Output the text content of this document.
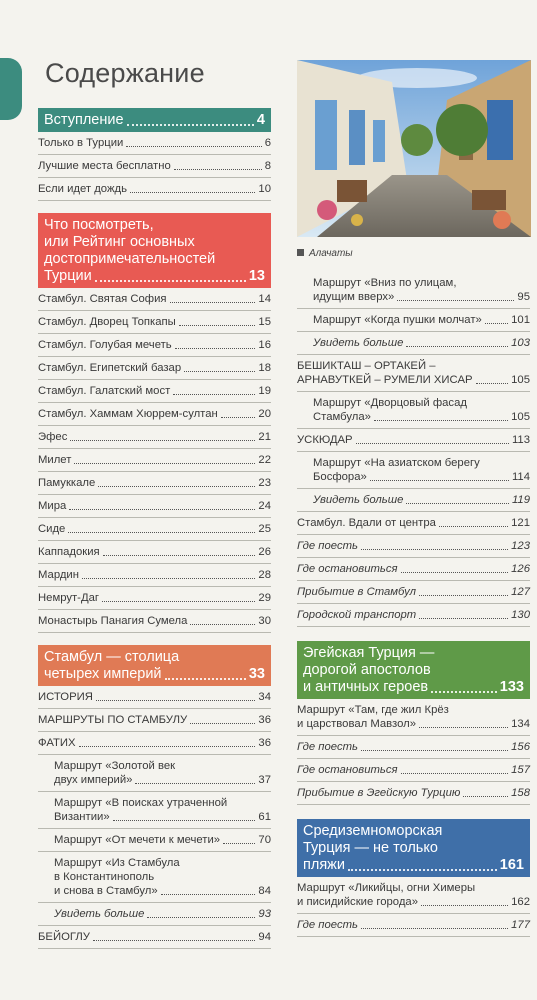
Содержание
Вступление	4
Только в Турции	6
Лучшие места бесплатно	8
Если идет дождь	10
Что посмотреть,
или Рейтинг основных
достопримечательностей
Турции	13
Стамбул. Святая София	14
Стамбул. Дворец Топкапы	15
Стамбул. Голубая мечеть	16
Стамбул. Египетский базар	18
Стамбул. Галатский мост	19
Стамбул. Хаммам Хюррем-султан	20
Эфес	21
Милет	22
Памуккале	23
Мира	24
Сиде	25
Каппадокия	26
Мардин	28
Немрут-Даг	29
Монастырь Панагия Сумела	30
Стамбул — столица
четырех империй	33
ИСТОРИЯ	34
МАРШРУТЫ ПО СТАМБУЛУ	36
ФАТИХ	36
Маршрут «Золотой век
двух империй»	37
Маршрут «В поисках утраченной
Византии»	61
Маршрут «От мечети к мечети»	70
Маршрут «Из Стамбула
в Константинополь
и снова в Стамбул»	84
Увидеть больше	93
БЕЙОГЛУ	94
Алачаты
Маршрут «Вниз по улицам,
идущим вверх»	95
Маршрут «Когда пушки молчат»	101
Увидеть больше	103
БЕШИКТАШ – ОРТАКЕЙ –
АРНАВУТКЕЙ – РУМЕЛИ ХИСАР	105
Маршрут «Дворцовый фасад
Стамбула»	105
УСКЮДАР	113
Маршрут «На азиатском берегу
Босфора»	114
Увидеть больше	119
Стамбул. Вдали от центра	121
Где поесть	123
Где остановиться	126
Прибытие в Стамбул	127
Городской транспорт	130
Эгейская Турция —
дорогой апостолов
и античных героев	133
Маршрут «Там, где жил Крёз
и царствовал Мавзол»	134
Где поесть	156
Где остановиться	157
Прибытие в Эгейскую Турцию	158
Средиземноморская
Турция — не только
пляжи	161
Маршрут «Ликийцы, огни Химеры
и писидийские города»	162
Где поесть	177
